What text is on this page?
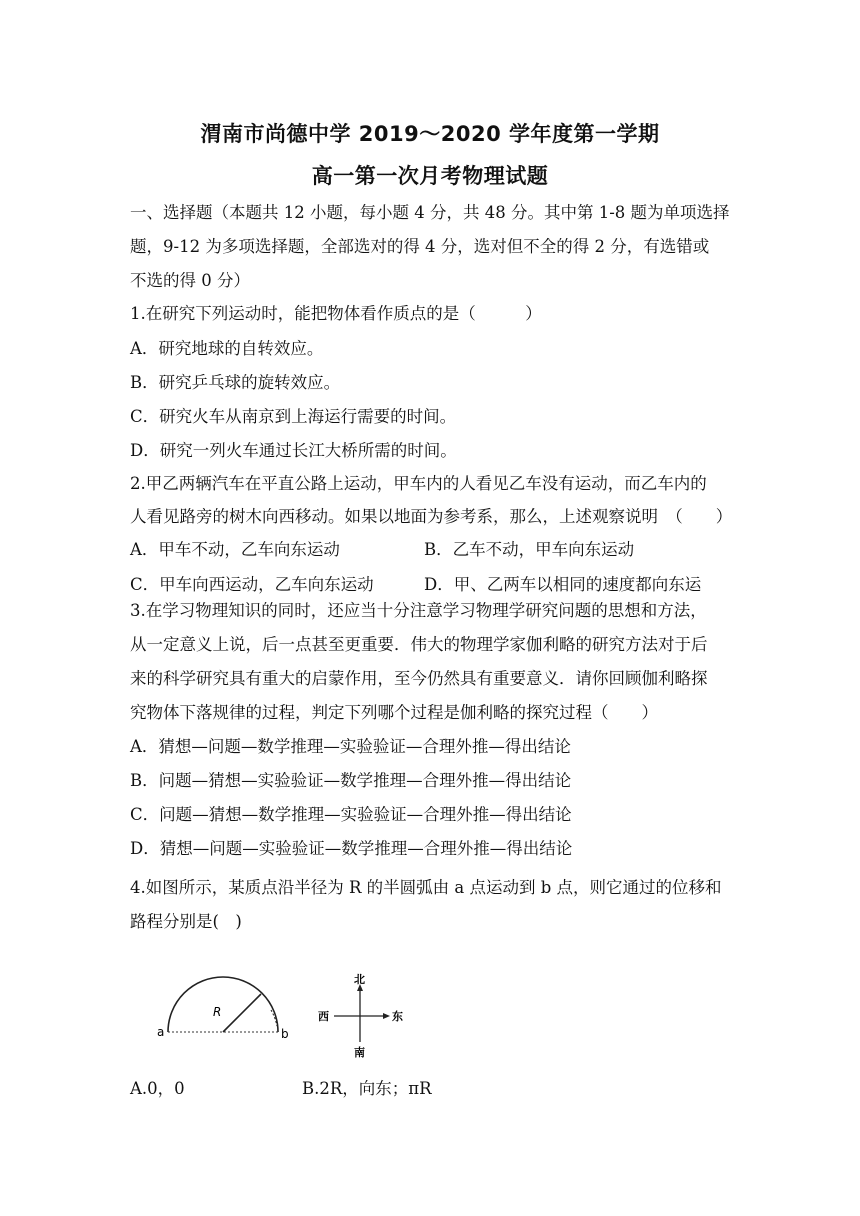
渭南市尚德中学 2019～2020 学年度第一学期
高一第一次月考物理试题
一、选择题（本题共 12 小题，每小题 4 分，共 48 分。其中第 1-8 题为单项选择
题，9-12 为多项选择题，全部选对的得 4 分，选对但不全的得 2 分，有选错或
不选的得 0 分）
1.在研究下列运动时，能把物体看作质点的是（　　　）
A．研究地球的自转效应。
B．研究乒乓球的旋转效应。
C．研究火车从南京到上海运行需要的时间。
D．研究一列火车通过长江大桥所需的时间。
2.甲乙两辆汽车在平直公路上运动，甲车内的人看见乙车没有运动，而乙车内的
人看见路旁的树木向西移动。如果以地面为参考系，那么，上述观察说明　（　　）
A．甲车不动，乙车向东运动	B．乙车不动，甲车向东运动
C．甲车向西运动，乙车向东运动	D．甲、乙两车以相同的速度都向东运
3.在学习物理知识的同时，还应当十分注意学习物理学研究问题的思想和方法，
从一定意义上说，后一点甚至更重要．伟大的物理学家伽利略的研究方法对于后
来的科学研究具有重大的启蒙作用，至今仍然具有重要意义．请你回顾伽利略探
究物体下落规律的过程，判定下列哪个过程是伽利略的探究过程（　　）
A．猜想—问题—数学推理—实验验证—合理外推—得出结论
B．问题—猜想—实验验证—数学推理—合理外推—得出结论
C．问题—猜想—数学推理—实验验证—合理外推—得出结论
D．猜想—问题—实验验证—数学推理—合理外推—得出结论
4.如图所示，某质点沿半径为 R 的半圆弧由 a 点运动到 b 点，则它通过的位移和
路程分别是(　)
a	b
R
北
南
东
西
A.0，0	B.2R，向东；πR
